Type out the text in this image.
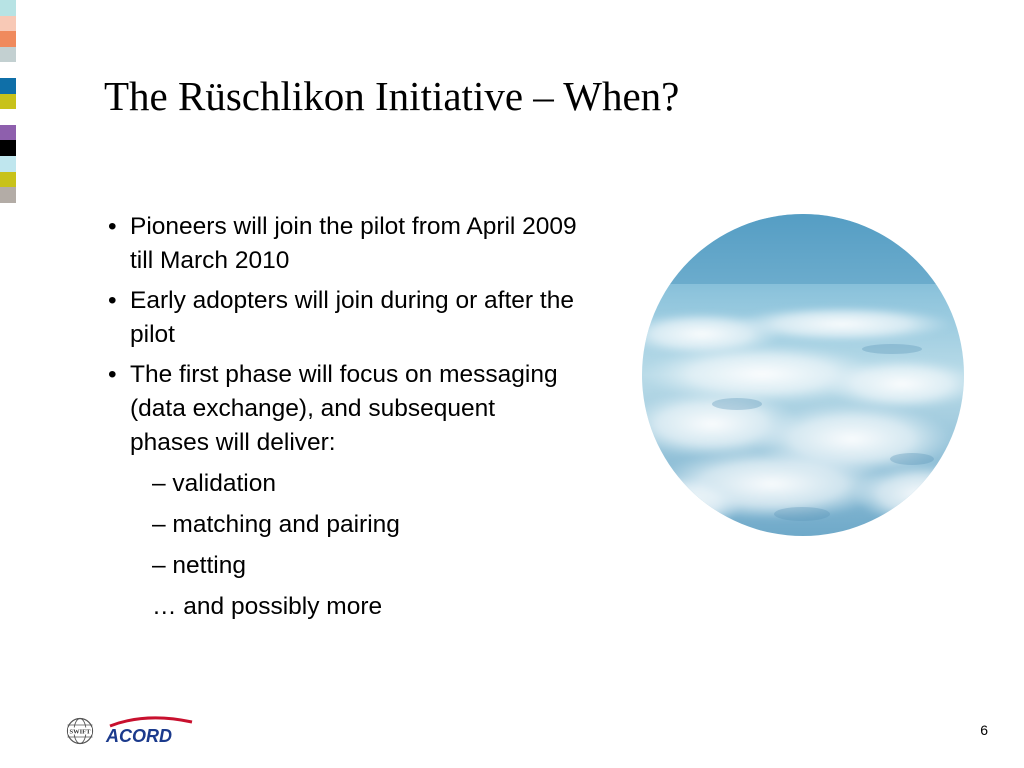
The Rüschlikon Initiative – When?
• Pioneers will join the pilot from April 2009 till March 2010
• Early adopters will join during or after the pilot
• The first phase will focus on messaging (data exchange), and subsequent phases will deliver:
– validation
– matching and pairing
– netting
… and possibly more
SWIFT ACORD	6
